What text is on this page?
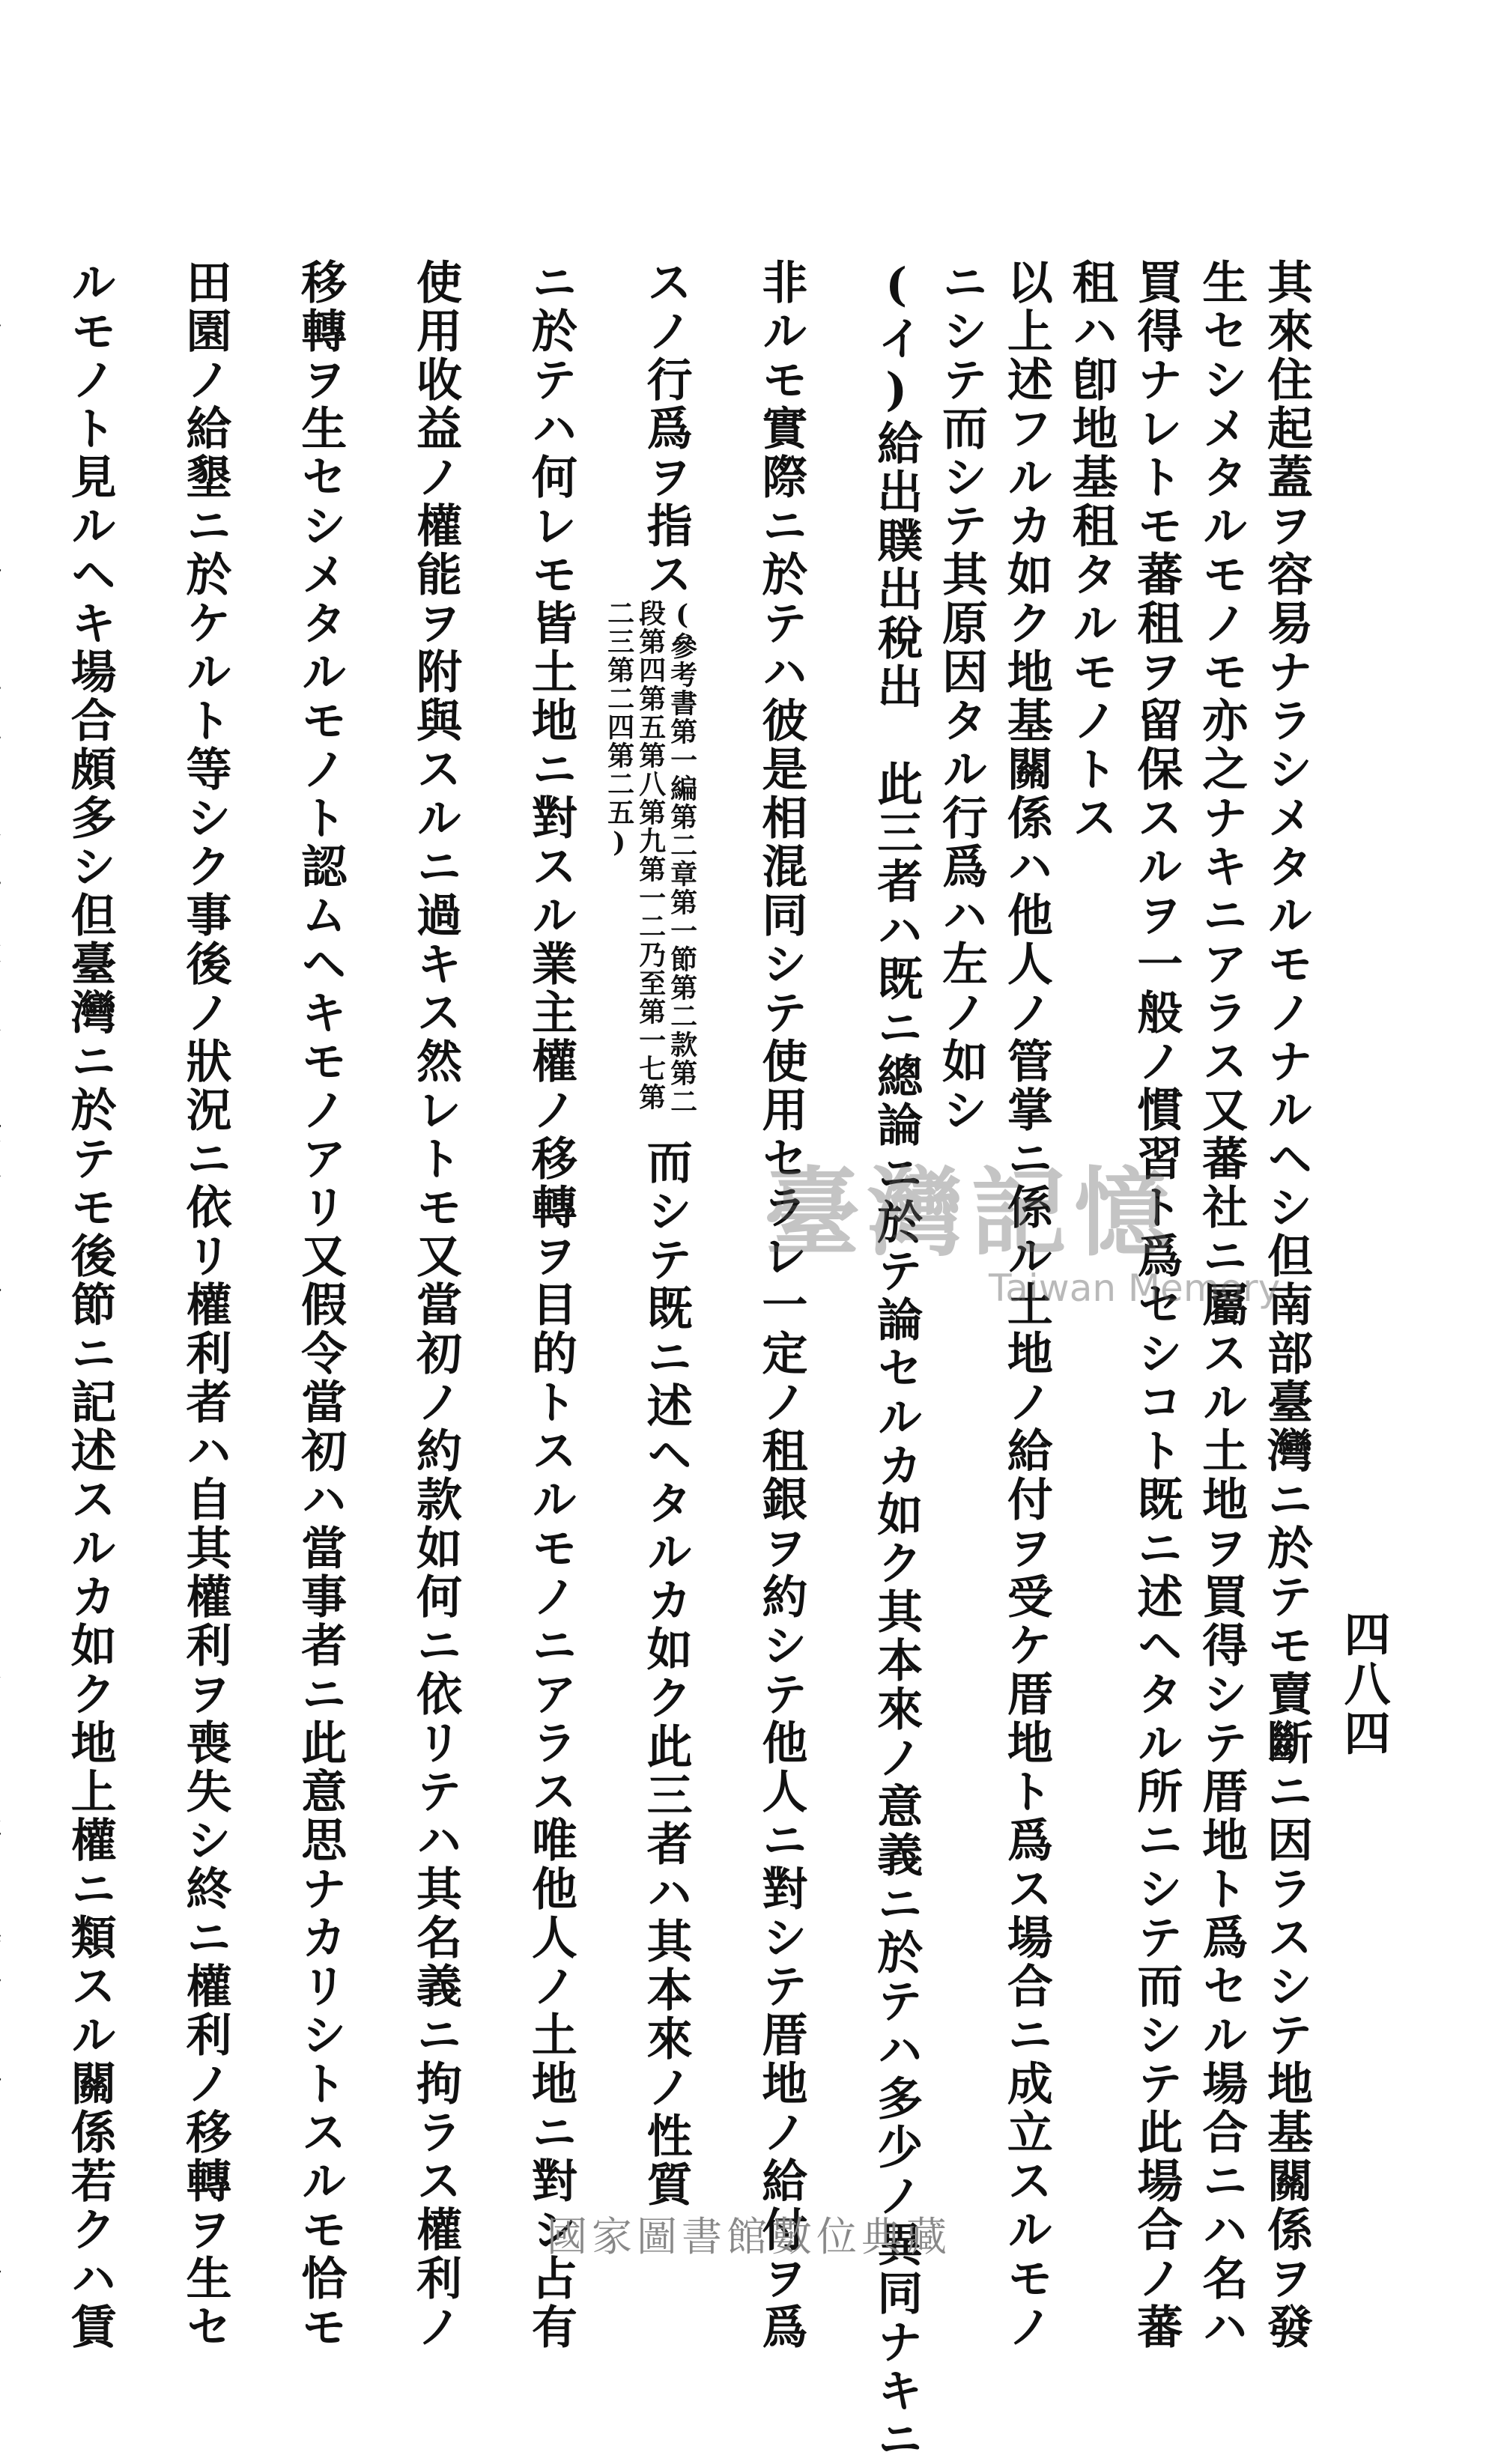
四八四
其來住起蓋ヲ容易ナラシメタルモノナルヘシ但南部臺灣ニ於テモ賣斷ニ因ラスシテ地基關係ヲ發
生セシメタルモノモ亦之ナキニアラス又蕃社ニ屬スル土地ヲ買得シテ厝地ト爲セル場合ニハ名ハ
買得ナレトモ蕃租ヲ留保スルヲ一般ノ慣習ト爲セシコト既ニ述ヘタル所ニシテ而シテ此場合ノ蕃
租ハ卽地基租タルモノトス
以上述フルカ如ク地基關係ハ他人ノ管掌ニ係ル土地ノ給付ヲ受ケ厝地ト爲ス場合ニ成立スルモノ
ニシテ而シテ其原因タル行爲ハ左ノ如シ
(イ)給出贌出稅出　此三者ハ既ニ總論ニ於テ論セルカ如ク其本來ノ意義ニ於テハ多少ノ異同ナキニ
非ルモ實際ニ於テハ彼是相混同シテ使用セラレ一定ノ租銀ヲ約シテ他人ニ對シテ厝地ノ給付ヲ爲
スノ行爲ヲ指ス(參考書第一編第二章第一節第二款第二段第四第五第八第九第一二乃至第一七第二三第二四第二五)而シテ既ニ述ヘタルカ如ク此三者ハ其本來ノ性質
ニ於テハ何レモ皆土地ニ對スル業主權ノ移轉ヲ目的トスルモノニアラス唯他人ノ土地ニ對シ占有
使用收益ノ權能ヲ附與スルニ過キス然レトモ又當初ノ約款如何ニ依リテハ其名義ニ拘ラス權利ノ
移轉ヲ生セシメタルモノト認ムヘキモノアリ又假令當初ハ當事者ニ此意思ナカリシトスルモ恰モ
田園ノ給墾ニ於ケルト等シク事後ノ狀況ニ依リ權利者ハ自其權利ヲ喪失シ終ニ權利ノ移轉ヲ生セ
ルモノト見ルヘキ場合頗多シ但臺灣ニ於テモ後節ニ記述スルカ如ク地上權ニ類スル關係若クハ賃	臺灣記憶
Taiwan Memory
國家圖書館數位典藏
